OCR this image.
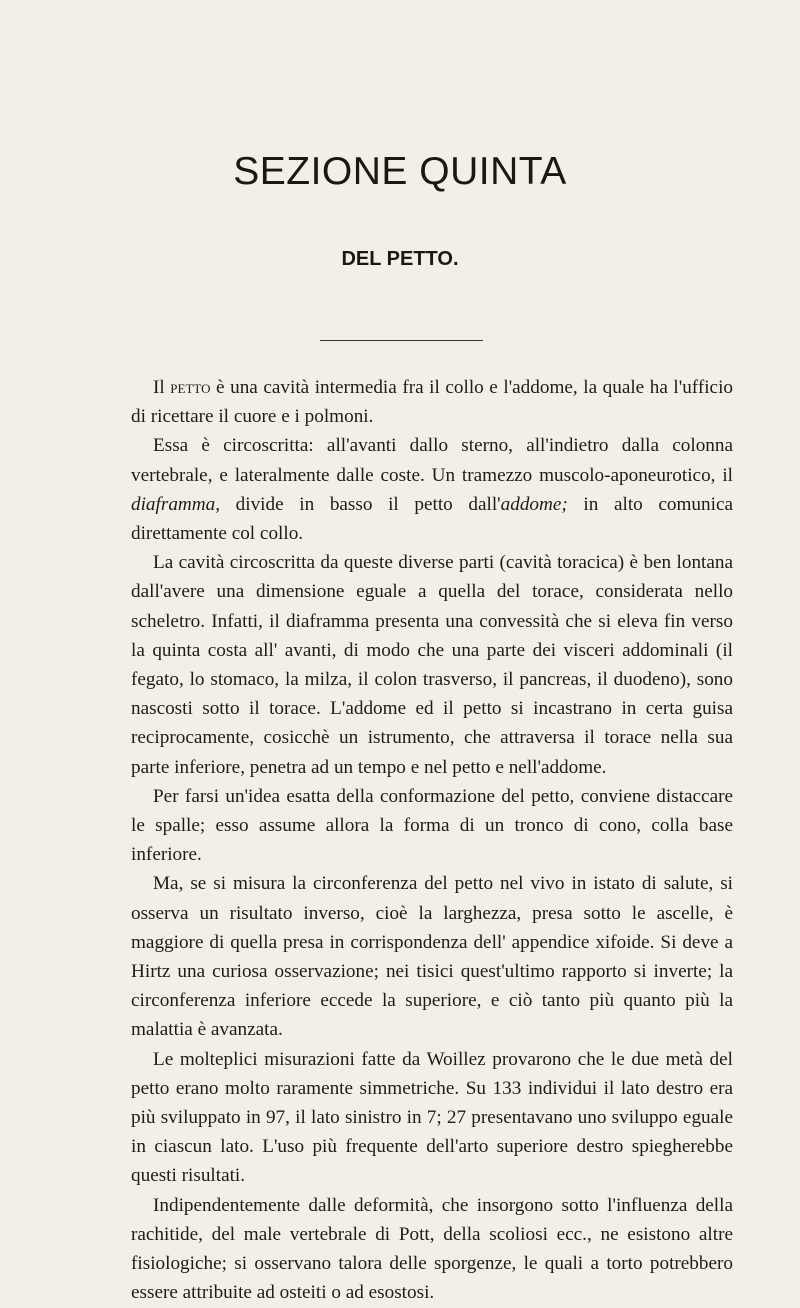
SEZIONE QUINTA
DEL PETTO.

Il petto è una cavità intermedia fra il collo e l'addome, la quale ha l'ufficio di ricettare il cuore e i polmoni.

Essa è circoscritta: all'avanti dallo sterno, all'indietro dalla colonna vertebrale, e lateralmente dalle coste. Un tramezzo muscolo-aponeurotico, il diaframma, divide in basso il petto dall'addome; in alto comunica direttamente col collo.

La cavità circoscritta da queste diverse parti (cavità toracica) è ben lontana dall'avere una dimensione eguale a quella del torace, considerata nello scheletro. Infatti, il diaframma presenta una convessità che si eleva fin verso la quinta costa all' avanti, di modo che una parte dei visceri addominali (il fegato, lo stomaco, la milza, il colon trasverso, il pancreas, il duodeno), sono nascosti sotto il torace. L'addome ed il petto si incastrano in certa guisa reciprocamente, cosicchè un istrumento, che attraversa il torace nella sua parte inferiore, penetra ad un tempo e nel petto e nell'addome.

Per farsi un'idea esatta della conformazione del petto, conviene distaccare le spalle; esso assume allora la forma di un tronco di cono, colla base inferiore.

Ma, se si misura la circonferenza del petto nel vivo in istato di salute, si osserva un risultato inverso, cioè la larghezza, presa sotto le ascelle, è maggiore di quella presa in corrispondenza dell' appendice xifoide. Si deve a Hirtz una curiosa osservazione; nei tisici quest'ultimo rapporto si inverte; la circonferenza inferiore eccede la superiore, e ciò tanto più quanto più la malattia è avanzata.

Le molteplici misurazioni fatte da Woillez provarono che le due metà del petto erano molto raramente simmetriche. Su 133 individui il lato destro era più sviluppato in 97, il lato sinistro in 7; 27 presentavano uno sviluppo eguale in ciascun lato. L'uso più frequente dell'arto superiore destro spiegherebbe questi risultati.

Indipendentemente dalle deformità, che insorgono sotto l'influenza della rachitide, del male vertebrale di Pott, della scoliosi ecc., ne esistono altre fisiologiche; si osservano talora delle sporgenze, le quali a torto potrebbero essere attribuite ad osteiti o ad esostosi.
